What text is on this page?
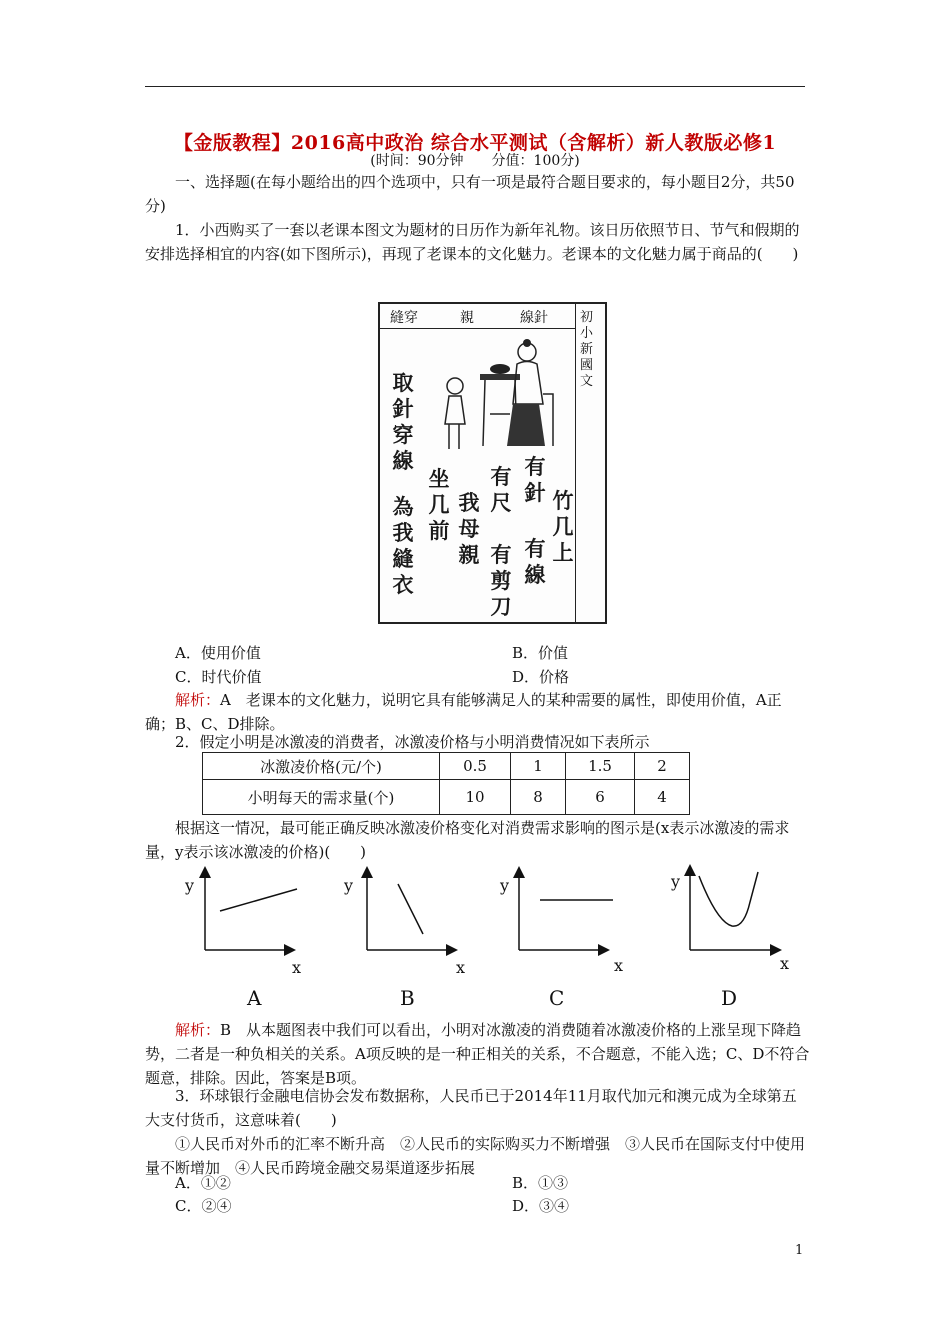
【金版教程】2016高中政治 综合水平测试（含解析）新人教版必修1
(时间：90分钟　　分值：100分)
一、选择题(在每小题给出的四个选项中，只有一项是最符合题目要求的，每小题目2分，共50分)
1．小西购买了一套以老课本图文为题材的日历作为新年礼物。该日历依照节日、节气和假期的安排选择相宜的内容(如下图所示)，再现了老课本的文化魅力。老课本的文化魅力属于商品的(　　)
縫穿	親	線針 初小新國文
取針穿線
為我縫衣
坐几前
我母親
有尺
有剪刀
有針
有線
竹几上
A．使用价值	B．价值
C．时代价值	D．价格
解析：A　老课本的文化魅力，说明它具有能够满足人的某种需要的属性，即使用价值，A正确；B、C、D排除。
2．假定小明是冰激凌的消费者，冰激凌价格与小明消费情况如下表所示
冰激凌价格(元/个)	0.5	1	1.5	2
小明每天的需求量(个)	10	8	6	4
根据这一情况，最可能正确反映冰激凌价格变化对消费需求影响的图示是(x表示冰激凌的需求量，y表示该冰激凌的价格)(　　)
y
x
A
y
x
B
y
x
C
y
x
D
解析：B　从本题图表中我们可以看出，小明对冰激凌的消费随着冰激凌价格的上涨呈现下降趋势，二者是一种负相关的关系。A项反映的是一种正相关的关系，不合题意，不能入选；C、D不符合题意，排除。因此，答案是B项。
3．环球银行金融电信协会发布数据称，人民币已于2014年11月取代加元和澳元成为全球第五大支付货币，这意味着(　　)
①人民币对外币的汇率不断升高　②人民币的实际购买力不断增强　③人民币在国际支付中使用量不断增加　④人民币跨境金融交易渠道逐步拓展
A．①②	B．①③
C．②④	D．③④
1
